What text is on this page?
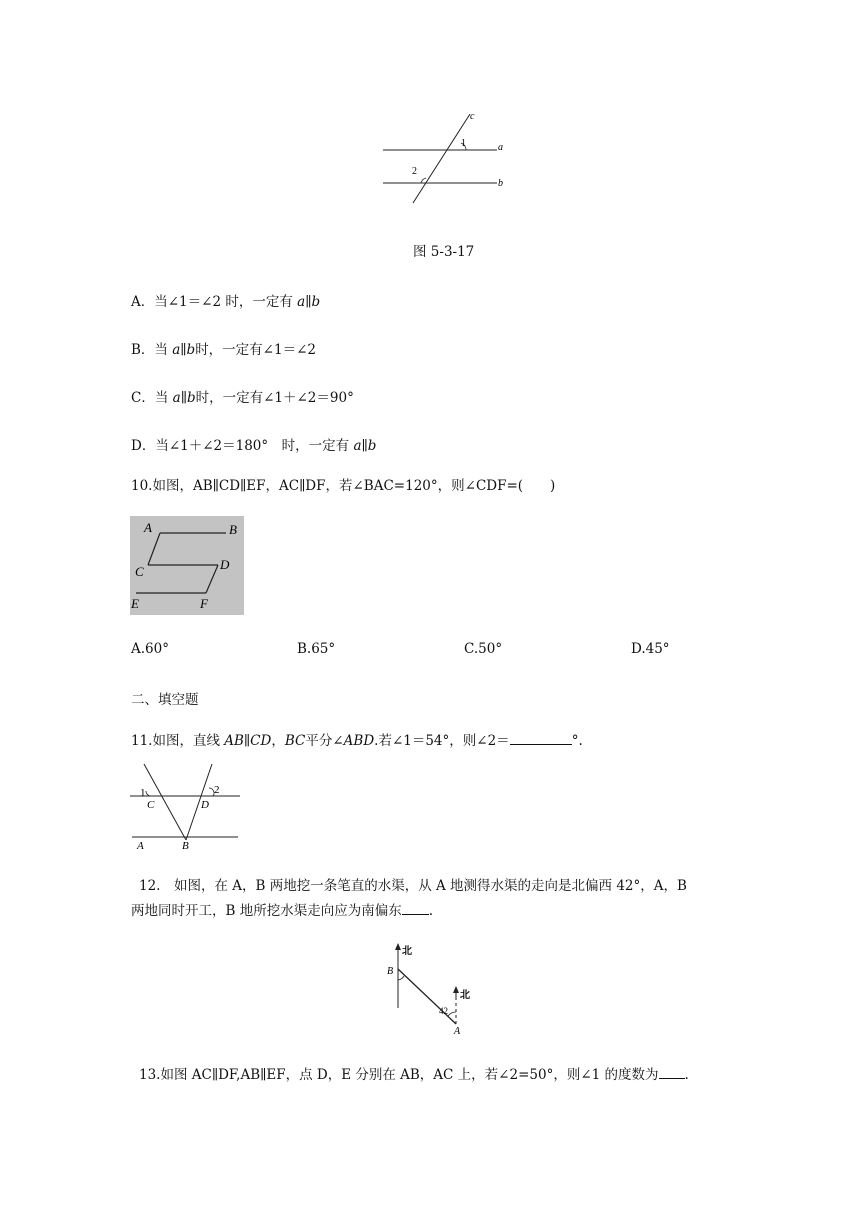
c
a
b
1
2
图 5-3-17
A．当∠1＝∠2 时，一定有 a∥b
B．当 a∥b时，一定有∠1＝∠2
C．当 a∥b时，一定有∠1＋∠2＝90°
D．当∠1＋∠2＝180°　时，一定有 a∥b
10.如图，AB∥CD∥EF，AC∥DF，若∠BAC=120°，则∠CDF=(　　)
A	B
C	D
E	F
A.60°	B.65°	C.50°	D.45°
二、填空题
11.如图，直线 AB∥CD，BC平分∠ABD.若∠1＝54°，则∠2＝	°.
1	2
C	D
A	B
12.　如图，在 A，B 两地挖一条笔直的水渠，从 A 地测得水渠的走向是北偏西 42°，A，B
两地同时开工，B 地所挖水渠走向应为南偏东 .
北
北
B
A
42
13.如图 AC∥DF,AB∥EF，点 D，E 分别在 AB，AC 上，若∠2=50°，则∠1 的度数为 .
